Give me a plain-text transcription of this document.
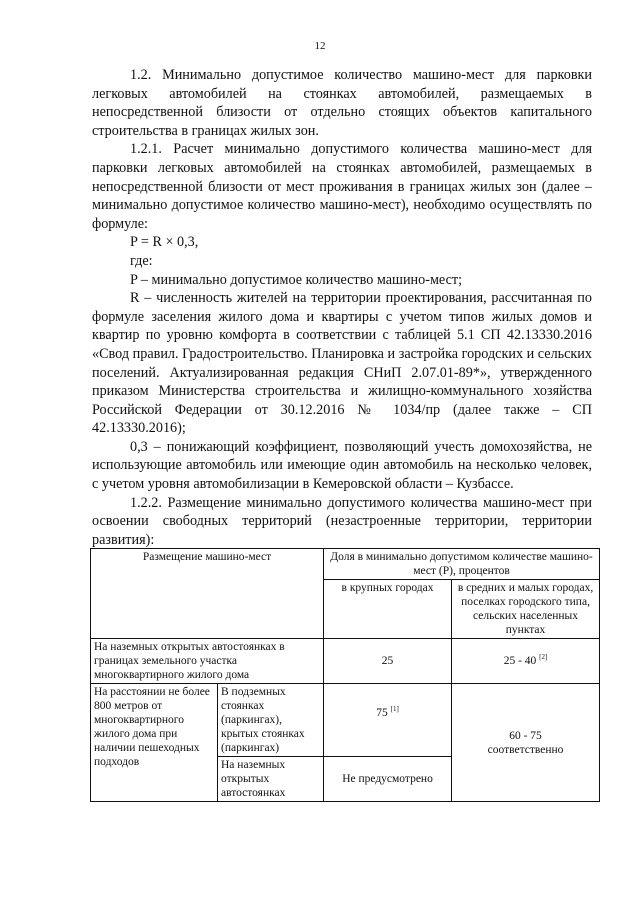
12

1.2. Минимально допустимое количество машино-мест для парковки легковых автомобилей на стоянках автомобилей, размещаемых в непосредственной близости от отдельно стоящих объектов капитального строительства в границах жилых зон.

1.2.1. Расчет минимально допустимого количества машино-мест для парковки легковых автомобилей на стоянках автомобилей, размещаемых в непосредственной близости от мест проживания в границах жилых зон (далее – минимально допустимое количество машино-мест), необходимо осуществлять по формуле:

P = R × 0,3,

где:

P – минимально допустимое количество машино-мест;

R – численность жителей на территории проектирования, рассчитанная по формуле заселения жилого дома и квартиры с учетом типов жилых домов и квартир по уровню комфорта в соответствии с таблицей 5.1 СП 42.13330.2016 «Свод правил. Градостроительство. Планировка и застройка городских и сельских поселений. Актуализированная редакция СНиП 2.07.01-89*», утвержденного приказом Министерства строительства и жилищно-коммунального хозяйства Российской Федерации от 30.12.2016 № 1034/пр (далее также – СП 42.13330.2016);

0,3 – понижающий коэффициент, позволяющий учесть домохозяйства, не использующие автомобиль или имеющие один автомобиль на несколько человек, с учетом уровня автомобилизации в Кемеровской области – Кузбассе.

1.2.2. Размещение минимально допустимого количества машино-мест при освоении свободных территорий (незастроенные территории, территории развития):

Размещение машино-мест		Доля в минимально допустимом количестве машино-мест (Р), процентов	
		в крупных городах	в средних и малых городах, поселках городского типа, сельских населенных пунктах
На наземных открытых автостоянках в границах земельного участка многоквартирного жилого дома		25	25 - 40 [2]
На расстоянии не более 800 метров от многоквартирного жилого дома при наличии пешеходных подходов	В подземных стоянках (паркингах), крытых стоянках (паркингах)	75 [1]	60 - 75
соответственно
	На наземных открытых автостоянках	Не предусмотрено	
